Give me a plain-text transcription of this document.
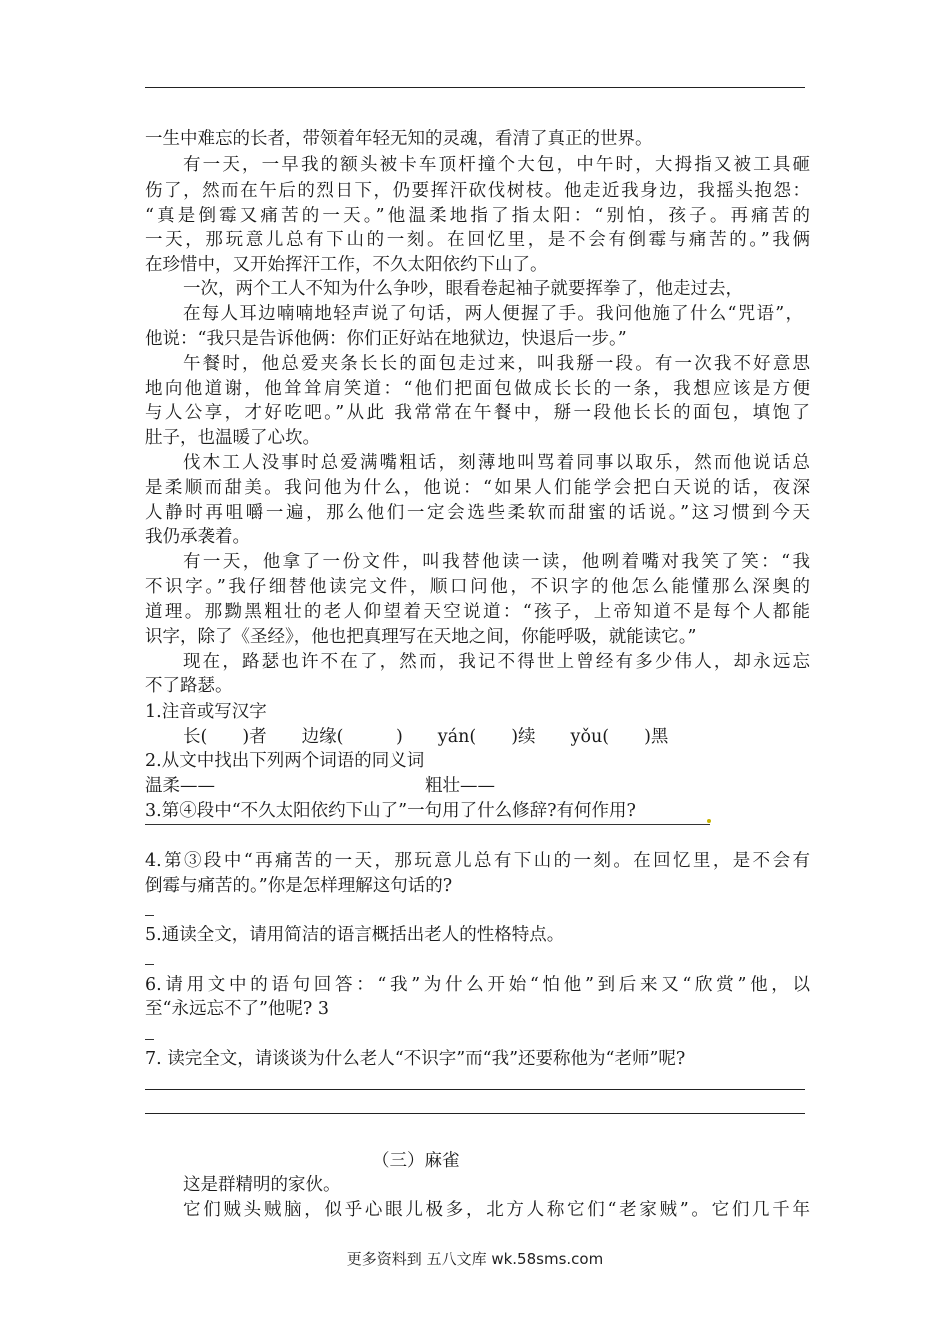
一生中难忘的长者，带领着年轻无知的灵魂，看清了真正的世界。
有一天，一早我的额头被卡车顶杆撞个大包，中午时，大拇指又被工具砸
伤了，然而在午后的烈日下，仍要挥汗砍伐树枝。他走近我身边，我摇头抱怨：
“真是倒霉又痛苦的一天。”他温柔地指了指太阳：“别怕，孩子。再痛苦的
一天，那玩意儿总有下山的一刻。在回忆里，是不会有倒霉与痛苦的。”我俩
在珍惜中，又开始挥汗工作，不久太阳依约下山了。
一次，两个工人不知为什么争吵，眼看卷起袖子就要挥拳了，他走过去，
在每人耳边喃喃地轻声说了句话，两人便握了手。我问他施了什么“咒语”，
他说：“我只是告诉他俩：你们正好站在地狱边，快退后一步。”
午餐时，他总爱夹条长长的面包走过来，叫我掰一段。有一次我不好意思
地向他道谢，他耸耸肩笑道：“他们把面包做成长长的一条，我想应该是方便
与人公享，才好吃吧。”从此 我常常在午餐中，掰一段他长长的面包，填饱了
肚子，也温暖了心坎。
伐木工人没事时总爱满嘴粗话，刻薄地叫骂着同事以取乐，然而他说话总
是柔顺而甜美。我问他为什么，他说：“如果人们能学会把白天说的话，夜深
人静时再咀嚼一遍，那么他们一定会选些柔软而甜蜜的话说。”这习惯到今天
我仍承袭着。
有一天，他拿了一份文件，叫我替他读一读，他咧着嘴对我笑了笑：“我
不识字。”我仔细替他读完文件，顺口问他，不识字的他怎么能懂那么深奥的
道理。那黝黑粗壮的老人仰望着天空说道：“孩子，上帝知道不是每个人都能
识字，除了《圣经》，他也把真理写在天地之间，你能呼吸，就能读它。”
现在，路瑟也许不在了，然而，我记不得世上曾经有多少伟人，却永远忘
不了路瑟。
1.注音或写汉字
长(　　)者　　边缘(　　　)　　yán(　　)续　　yǒu(　　)黑
2.从文中找出下列两个词语的同义词
温柔——	粗壮——
3.第④段中“不久太阳依约下山了”一句用了什么修辞?有何作用?
4.第③段中“再痛苦的一天，那玩意儿总有下山的一刻。在回忆里，是不会有
倒霉与痛苦的。”你是怎样理解这句话的?
5.通读全文，请用简洁的语言概括出老人的性格特点。
6.请用文中的语句回答：“我”为什么开始“怕他”到后来又“欣赏”他，以
至“永远忘不了”他呢? 3
7. 读完全文，请谈谈为什么老人“不识字”而“我”还要称他为“老师”呢?
（三）麻雀
这是群精明的家伙。
它们贼头贼脑，似乎心眼儿极多，北方人称它们“老家贼”。它们几千年
更多资料到 五八文库 wk.58sms.com
